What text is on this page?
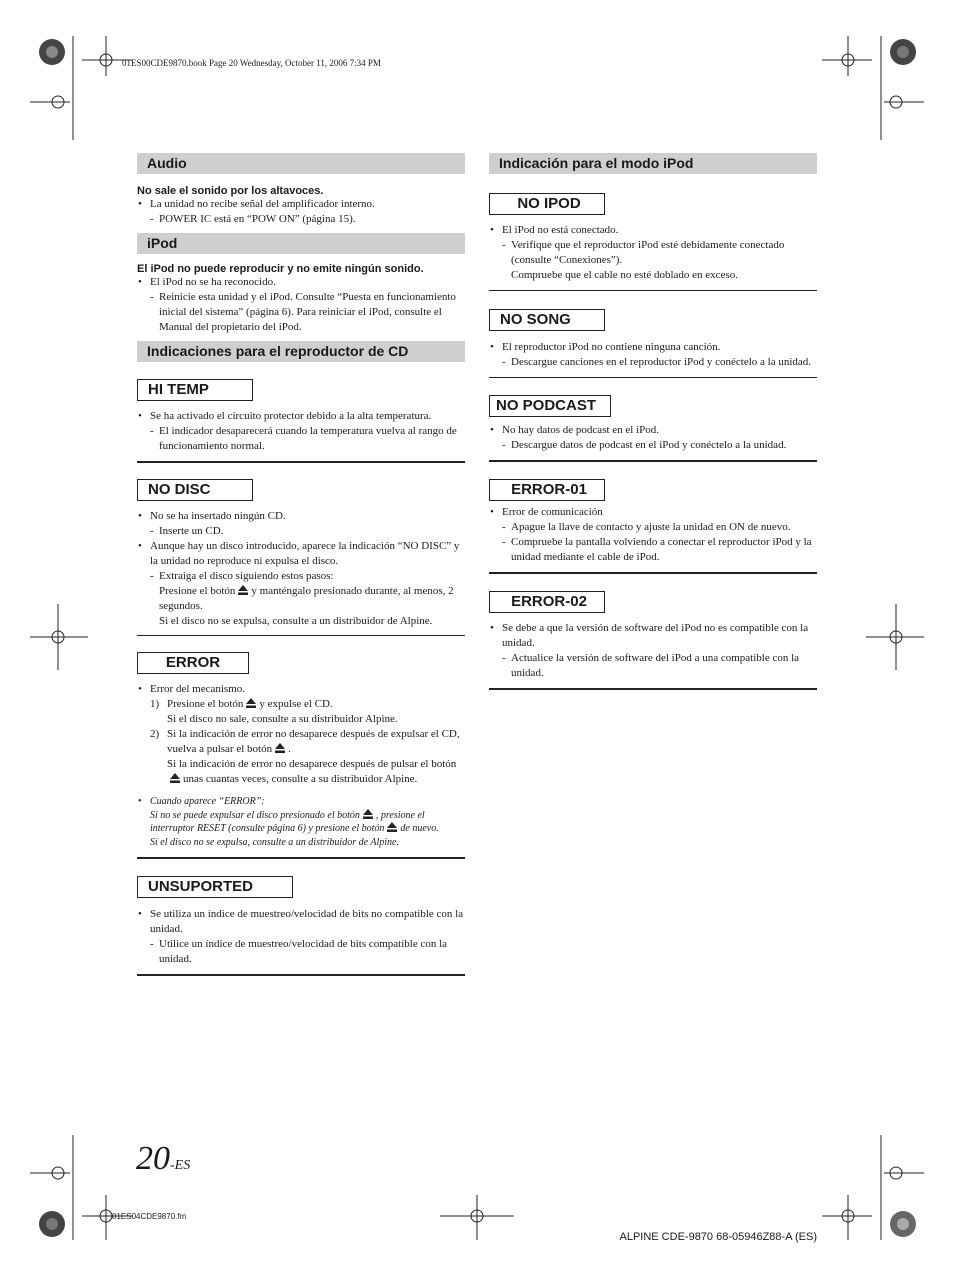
01ES00CDE9870.book Page 20 Wednesday, October 11, 2006 7:34 PM
Audio
No sale el sonido por los altavoces.
• La unidad no recibe señal del amplificador interno.
- POWER IC está en “POW ON” (página 15).
iPod
El iPod no puede reproducir y no emite ningún sonido.
• El iPod no se ha reconocido.
- Reinicie esta unidad y el iPod. Consulte “Puesta en funcionamiento inicial del sistema” (página 6). Para reiniciar el iPod, consulte el Manual del propietario del iPod.
Indicaciones para el reproductor de CD
HI TEMP
• Se ha activado el circuito protector debido a la alta temperatura.
- El indicador desaparecerá cuando la temperatura vuelva al rango de funcionamiento normal.
NO DISC
• No se ha insertado ningún CD.
- Inserte un CD.
• Aunque hay un disco introducido, aparece la indicación “NO DISC” y la unidad no reproduce ni expulsa el disco.
- Extraiga el disco siguiendo estos pasos:
Presione el botón y manténgalo presionado durante, al menos, 2 segundos.
Si el disco no se expulsa, consulte a un distribuidor de Alpine.
ERROR
• Error del mecanismo.
1) Presione el botón y expulse el CD.
Si el disco no sale, consulte a su distribuidor Alpine.
2) Si la indicación de error no desaparece después de expulsar el CD, vuelva a pulsar el botón .
Si la indicación de error no desaparece después de pulsar el botónunas cuantas veces, consulte a su distribuidor Alpine.
• Cuando aparece “ERROR”:
Si no se puede expulsar el disco presionado el botón , presione el interruptor RESET (consulte página 6) y presione el botón de nuevo.
Si el disco no se expulsa, consulte a un distribuidor de Alpine.
UNSUPORTED
• Se utiliza un índice de muestreo/velocidad de bits no compatible con la unidad.
- Utilice un índice de muestreo/velocidad de bits compatible con la unidad.
Indicación para el modo iPod
NO IPOD
• El iPod no está conectado.
- Verifique que el reproductor iPod esté debidamente conectado (consulte “Conexiones”).
Compruebe que el cable no esté doblado en exceso.
NO SONG
• El reproductor iPod no contiene ninguna canción.
- Descargue canciones en el reproductor iPod y conéctelo a la unidad.
NO PODCAST
• No hay datos de podcast en el iPod.
- Descargue datos de podcast en el iPod y conéctelo a la unidad.
ERROR-01
• Error de comunicación
- Apague la llave de contacto y ajuste la unidad en ON de nuevo.
- Compruebe la pantalla volviendo a conectar el reproductor iPod y la unidad mediante el cable de iPod.
ERROR-02
• Se debe a que la versión de software del iPod no es compatible con la unidad.
- Actualice la versión de software del iPod a una compatible con la unidad.
20-ES
01ES04CDE9870.fm
ALPINE CDE-9870 68-05946Z88-A (ES)
